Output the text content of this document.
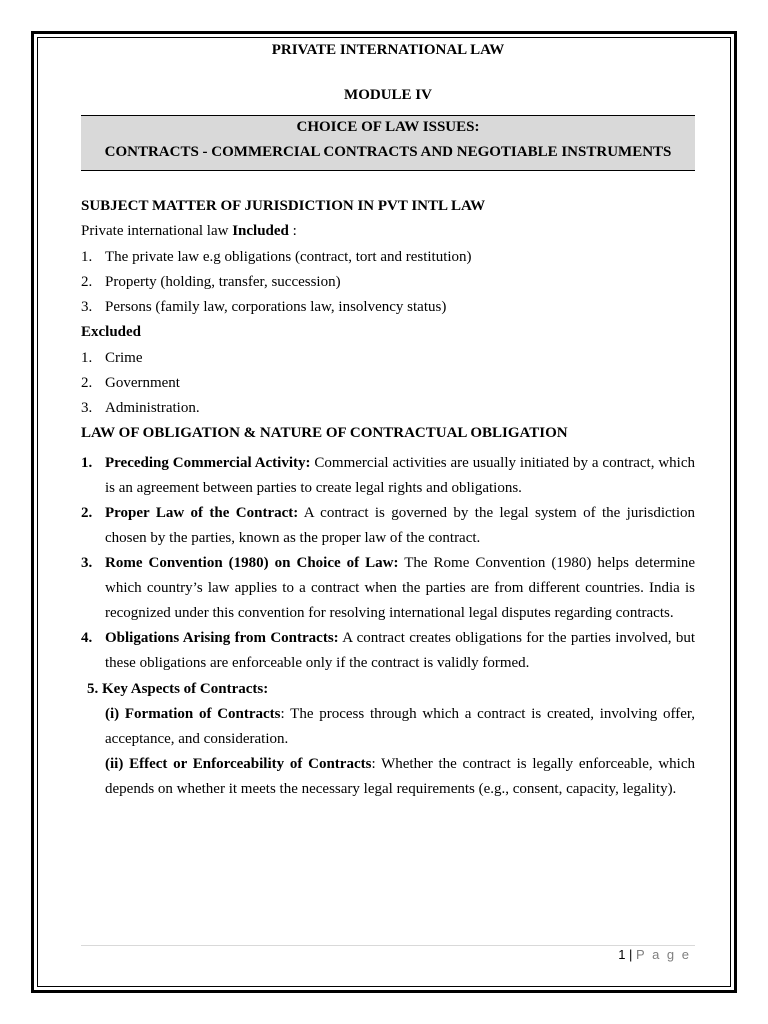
PRIVATE INTERNATIONAL LAW
MODULE IV
CHOICE OF LAW ISSUES:
CONTRACTS - COMMERCIAL CONTRACTS AND NEGOTIABLE INSTRUMENTS
SUBJECT MATTER OF JURISDICTION IN PVT INTL LAW
Private international law Included :
1. The private law e.g obligations (contract, tort and restitution)
2. Property (holding, transfer, succession)
3. Persons (family law, corporations law, insolvency status)
Excluded
1. Crime
2. Government
3. Administration.
LAW OF OBLIGATION & NATURE OF CONTRACTUAL OBLIGATION
1. Preceding Commercial Activity: Commercial activities are usually initiated by a contract, which is an agreement between parties to create legal rights and obligations.
2. Proper Law of the Contract: A contract is governed by the legal system of the jurisdiction chosen by the parties, known as the proper law of the contract.
3. Rome Convention (1980) on Choice of Law: The Rome Convention (1980) helps determine which country’s law applies to a contract when the parties are from different countries. India is recognized under this convention for resolving international legal disputes regarding contracts.
4. Obligations Arising from Contracts: A contract creates obligations for the parties involved, but these obligations are enforceable only if the contract is validly formed.
5. Key Aspects of Contracts:
(i) Formation of Contracts: The process through which a contract is created, involving offer, acceptance, and consideration.
(ii) Effect or Enforceability of Contracts: Whether the contract is legally enforceable, which depends on whether it meets the necessary legal requirements (e.g., consent, capacity, legality).
1 | P a g e
